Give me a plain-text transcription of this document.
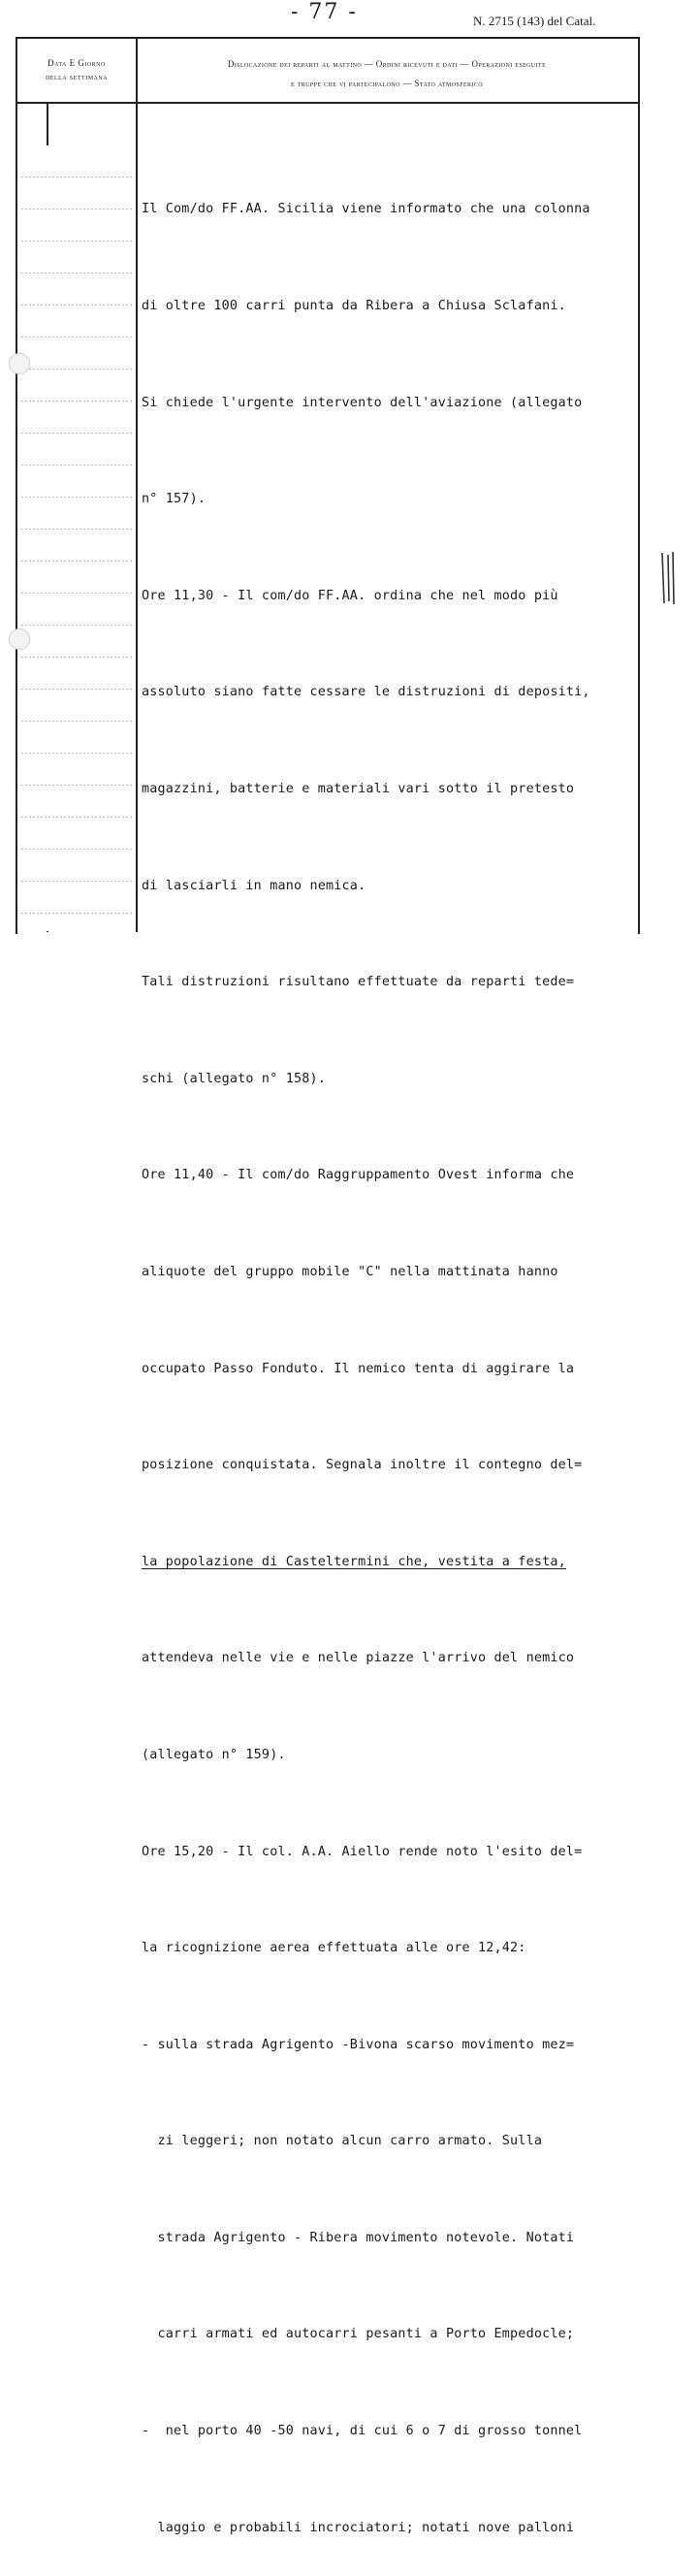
- 77 -	N. 2715 (143) del Catal.
Data E Giorno
della settimana
Dislocazione dei reparti al mattino — Ordini ricevuti e dati — Operazioni eseguite
e truppe che vi partecipalono — Stato atmosferico

Il Com/do FF.AA. Sicilia viene informato che una colonna

di oltre 100 carri punta da Ribera a Chiusa Sclafani.

Si chiede l'urgente intervento dell'aviazione (allegato

n° 157).

Ore 11,30 - Il com/do FF.AA. ordina che nel modo più

assoluto siano fatte cessare le distruzioni di depositi,

magazzini, batterie e materiali vari sotto il pretesto

di lasciarli in mano nemica.

Tali distruzioni risultano effettuate da reparti tede=

schi (allegato n° 158).

Ore 11,40 - Il com/do Raggruppamento Ovest informa che

aliquote del gruppo mobile "C" nella mattinata hanno

occupato Passo Fonduto. Il nemico tenta di aggirare la

posizione conquistata. Segnala inoltre il contegno del=

la popolazione di Casteltermini che, vestita a festa,

attendeva nelle vie e nelle piazze l'arrivo del nemico

(allegato n° 159).

Ore 15,20 - Il col. A.A. Aiello rende noto l'esito del=

la ricognizione aerea effettuata alle ore 12,42:

- sulla strada Agrigento -Bivona scarso movimento mez=

zi leggeri; non notato alcun carro armato. Sulla

strada Agrigento - Ribera movimento notevole. Notati

carri armati ed autocarri pesanti a Porto Empedocle;

-  nel porto 40 -50 navi, di cui 6 o 7 di grosso tonnel

laggio e probabili incrociatori; notati nove palloni
